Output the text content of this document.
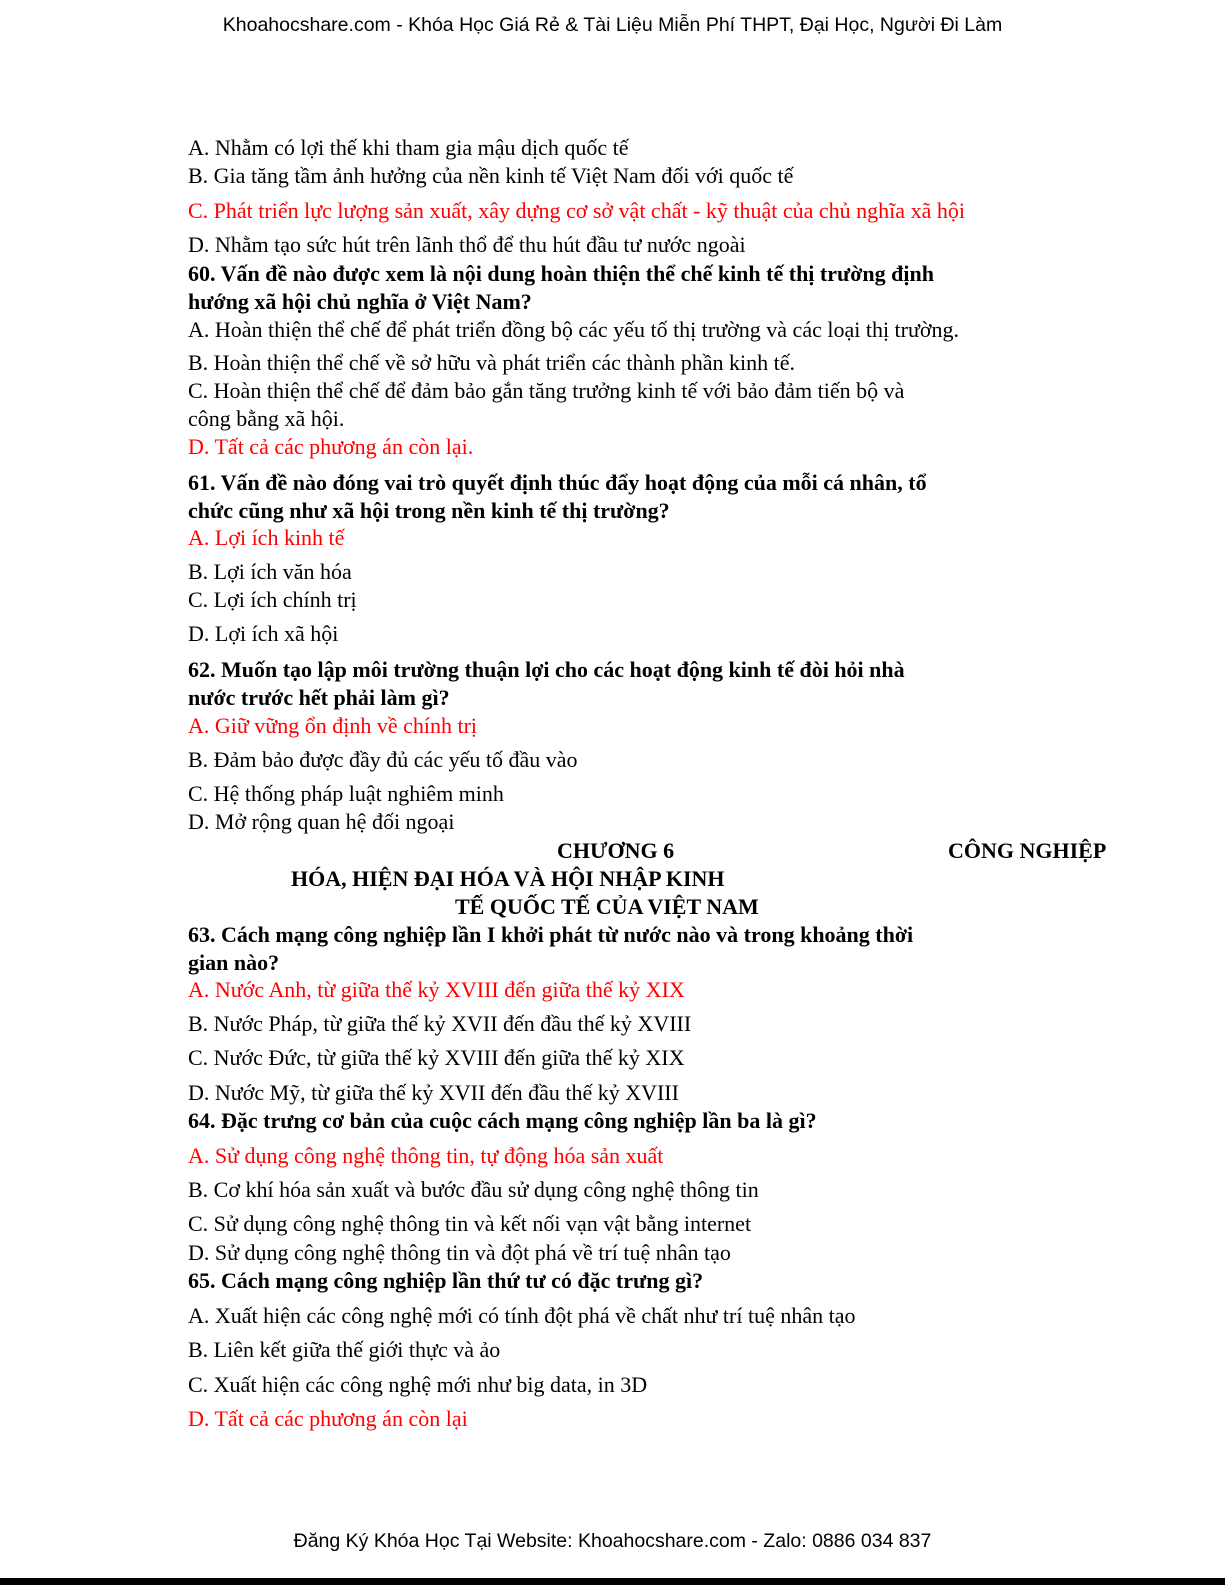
Khoahocshare.com - Khóa Học Giá Rẻ & Tài Liệu Miễn Phí THPT, Đại Học, Người Đi Làm
A. Nhằm có lợi thế khi tham gia mậu dịch quốc tế
B. Gia tăng tầm ảnh hưởng của nền kinh tế Việt Nam đối với quốc tế
C. Phát triển lực lượng sản xuất, xây dựng cơ sở vật chất - kỹ thuật của chủ nghĩa xã hội
D. Nhằm tạo sức hút trên lãnh thổ để thu hút đầu tư nước ngoài
60. Vấn đề nào được xem là nội dung hoàn thiện thể chế kinh tế thị trường định
hướng xã hội chủ nghĩa ở Việt Nam?
A. Hoàn thiện thể chế để phát triển đồng bộ các yếu tố thị trường và các loại thị trường.
B. Hoàn thiện thể chế về sở hữu và phát triển các thành phần kinh tế.
C. Hoàn thiện thể chế để đảm bảo gắn tăng trưởng kinh tế với bảo đảm tiến bộ và
công bằng xã hội.
D. Tất cả các phương án còn lại.
61. Vấn đề nào đóng vai trò quyết định thúc đẩy hoạt động của mỗi cá nhân, tổ
chức cũng như xã hội trong nền kinh tế thị trường?
A. Lợi ích kinh tế
B. Lợi ích văn hóa
C. Lợi ích chính trị
D. Lợi ích xã hội
62. Muốn tạo lập môi trường thuận lợi cho các hoạt động kinh tế đòi hỏi nhà
nước trước hết phải làm gì?
A. Giữ vững ổn định về chính trị
B. Đảm bảo được đầy đủ các yếu tố đầu vào
C. Hệ thống pháp luật nghiêm minh
D. Mở rộng quan hệ đối ngoại
CHƯƠNG 6	CÔNG NGHIỆP
HÓA, HIỆN ĐẠI HÓA VÀ HỘI NHẬP KINH
TẾ QUỐC TẾ CỦA VIỆT NAM
63. Cách mạng công nghiệp lần I khởi phát từ nước nào và trong khoảng thời
gian nào?
A. Nước Anh, từ giữa thế kỷ XVIII đến giữa thế kỷ XIX
B. Nước Pháp, từ giữa thế kỷ XVII đến đầu thế kỷ XVIII
C. Nước Đức, từ giữa thế kỷ XVIII đến giữa thế kỷ XIX
D. Nước Mỹ, từ giữa thế kỷ XVII đến đầu thế kỷ XVIII
64. Đặc trưng cơ bản của cuộc cách mạng công nghiệp lần ba là gì?
A. Sử dụng công nghệ thông tin, tự động hóa sản xuất
B. Cơ khí hóa sản xuất và bước đầu sử dụng công nghệ thông tin
C. Sử dụng công nghệ thông tin và kết nối vạn vật bằng internet
D. Sử dụng công nghệ thông tin và đột phá về trí tuệ nhân tạo
65. Cách mạng công nghiệp lần thứ tư có đặc trưng gì?
A. Xuất hiện các công nghệ mới có tính đột phá về chất như trí tuệ nhân tạo
B. Liên kết giữa thế giới thực và ảo
C. Xuất hiện các công nghệ mới như big data, in 3D
D. Tất cả các phương án còn lại
Đăng Ký Khóa Học Tại Website: Khoahocshare.com - Zalo: 0886 034 837
